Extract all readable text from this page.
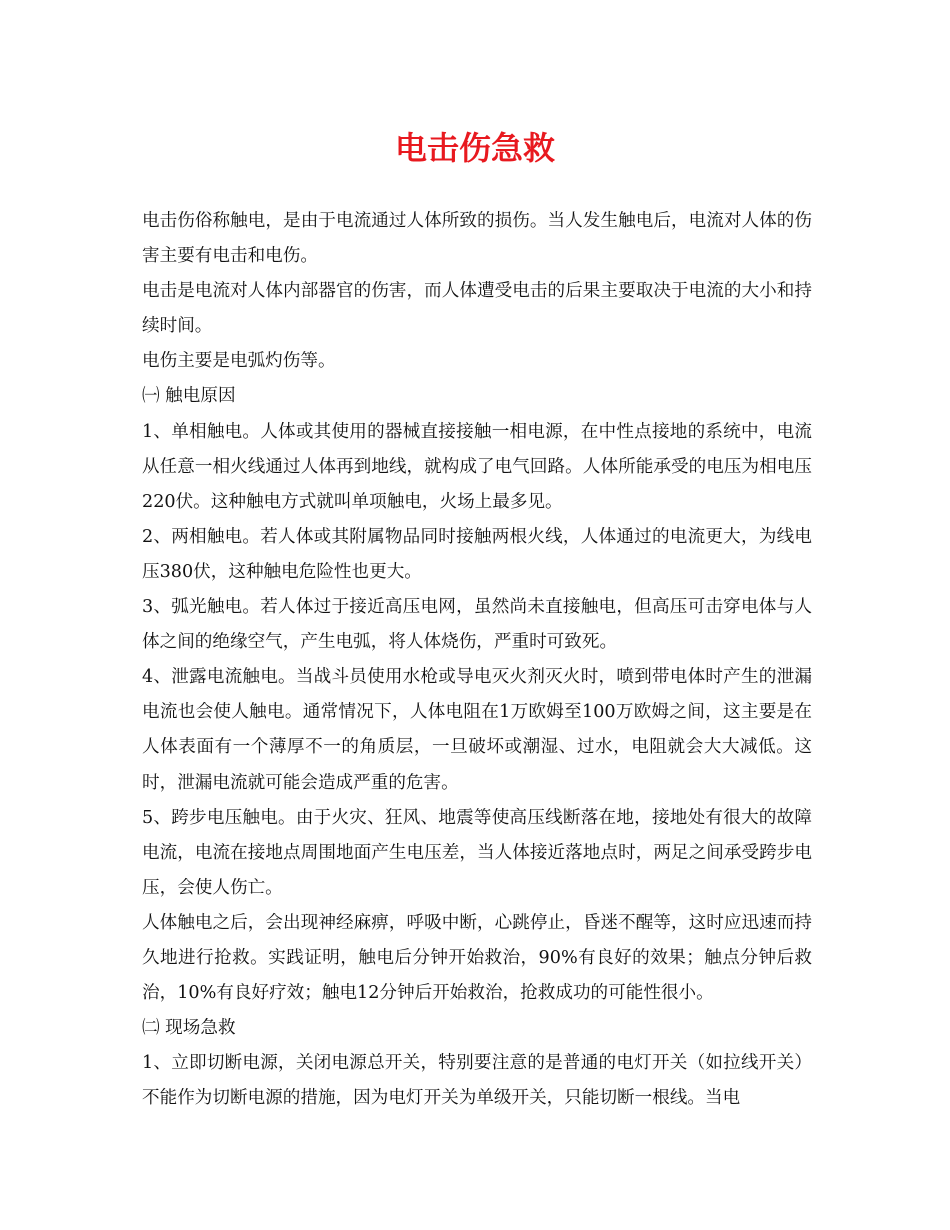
电击伤急救

电击伤俗称触电，是由于电流通过人体所致的损伤。当人发生触电后，电流对人体的伤害主要有电击和电伤。

电击是电流对人体内部器官的伤害，而人体遭受电击的后果主要取决于电流的大小和持续时间。

电伤主要是电弧灼伤等。

㈠ 触电原因

1、单相触电。人体或其使用的器械直接接触一相电源，在中性点接地的系统中，电流从任意一相火线通过人体再到地线，就构成了电气回路。人体所能承受的电压为相电压220伏。这种触电方式就叫单项触电，火场上最多见。

2、两相触电。若人体或其附属物品同时接触两根火线，人体通过的电流更大，为线电压380伏，这种触电危险性也更大。

3、弧光触电。若人体过于接近高压电网，虽然尚未直接触电，但高压可击穿电体与人体之间的绝缘空气，产生电弧，将人体烧伤，严重时可致死。

4、泄露电流触电。当战斗员使用水枪或导电灭火剂灭火时，喷到带电体时产生的泄漏电流也会使人触电。通常情况下，人体电阻在1万欧姆至100万欧姆之间，这主要是在人体表面有一个薄厚不一的角质层，一旦破坏或潮湿、过水，电阻就会大大减低。这时，泄漏电流就可能会造成严重的危害。

5、跨步电压触电。由于火灾、狂风、地震等使高压线断落在地，接地处有很大的故障电流，电流在接地点周围地面产生电压差，当人体接近落地点时，两足之间承受跨步电压，会使人伤亡。

人体触电之后，会出现神经麻痹，呼吸中断，心跳停止，昏迷不醒等，这时应迅速而持久地进行抢救。实践证明，触电后分钟开始救治，90%有良好的效果；触点分钟后救治，10%有良好疗效；触电12分钟后开始救治，抢救成功的可能性很小。

㈡ 现场急救

1、立即切断电源，关闭电源总开关，特别要注意的是普通的电灯开关（如拉线开关）不能作为切断电源的措施，因为电灯开关为单级开关，只能切断一根线。当电
